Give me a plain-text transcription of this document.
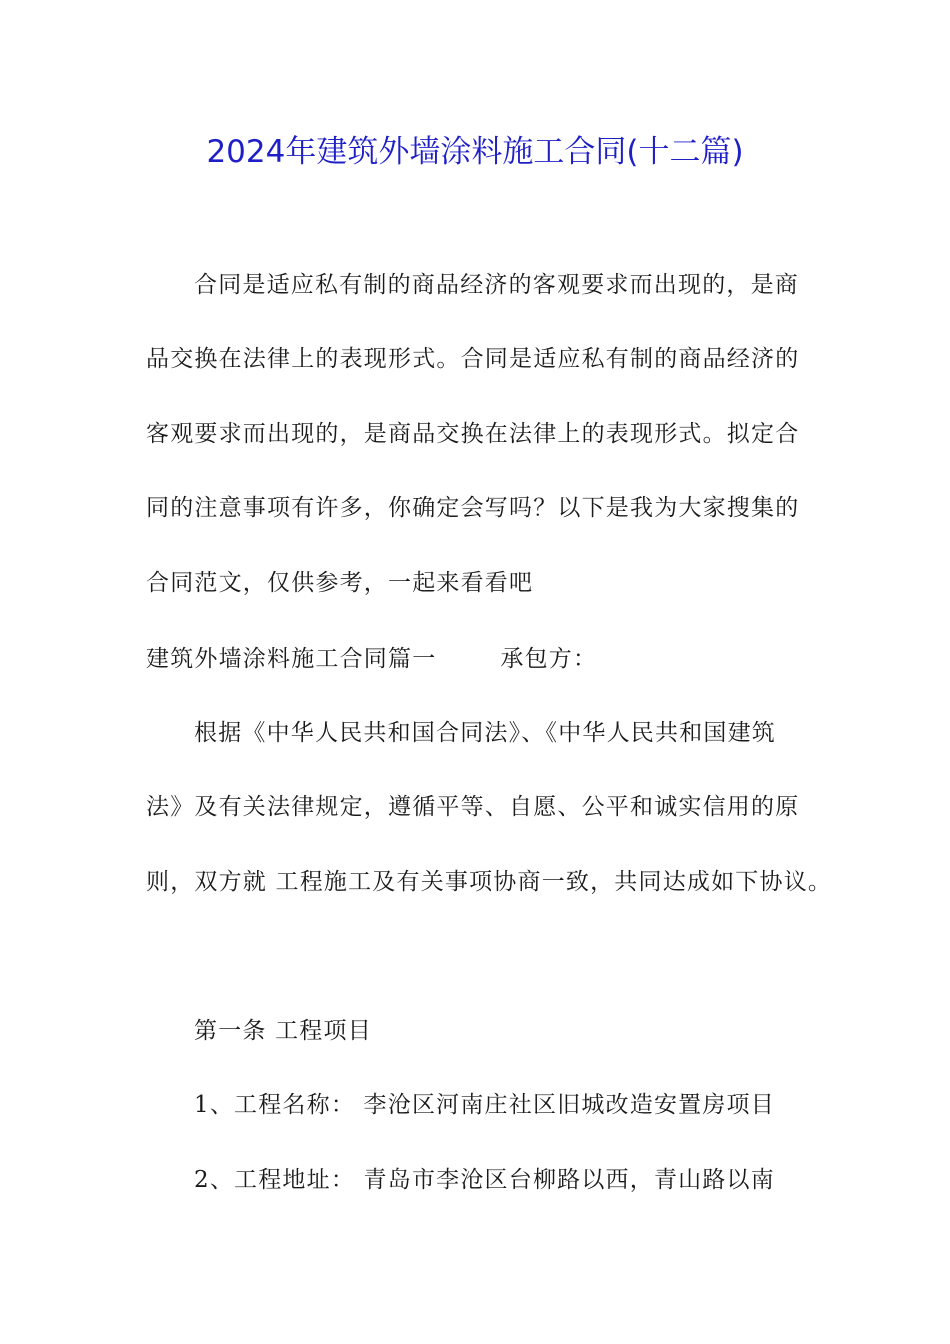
2024年建筑外墙涂料施工合同(十二篇)
合同是适应私有制的商品经济的客观要求而出现的，是商
品交换在法律上的表现形式。合同是适应私有制的商品经济的
客观要求而出现的，是商品交换在法律上的表现形式。拟定合
同的注意事项有许多，你确定会写吗？以下是我为大家搜集的
合同范文，仅供参考，一起来看看吧
建筑外墙涂料施工合同篇一	承包方：
根据《中华人民共和国合同法》、《中华人民共和国建筑
法》及有关法律规定，遵循平等、自愿、公平和诚实信用的原
则，双方就 工程施工及有关事项协商一致，共同达成如下协议。
第一条 工程项目
1、工程名称： 李沧区河南庄社区旧城改造安置房项目
2、工程地址： 青岛市李沧区台柳路以西，青山路以南
